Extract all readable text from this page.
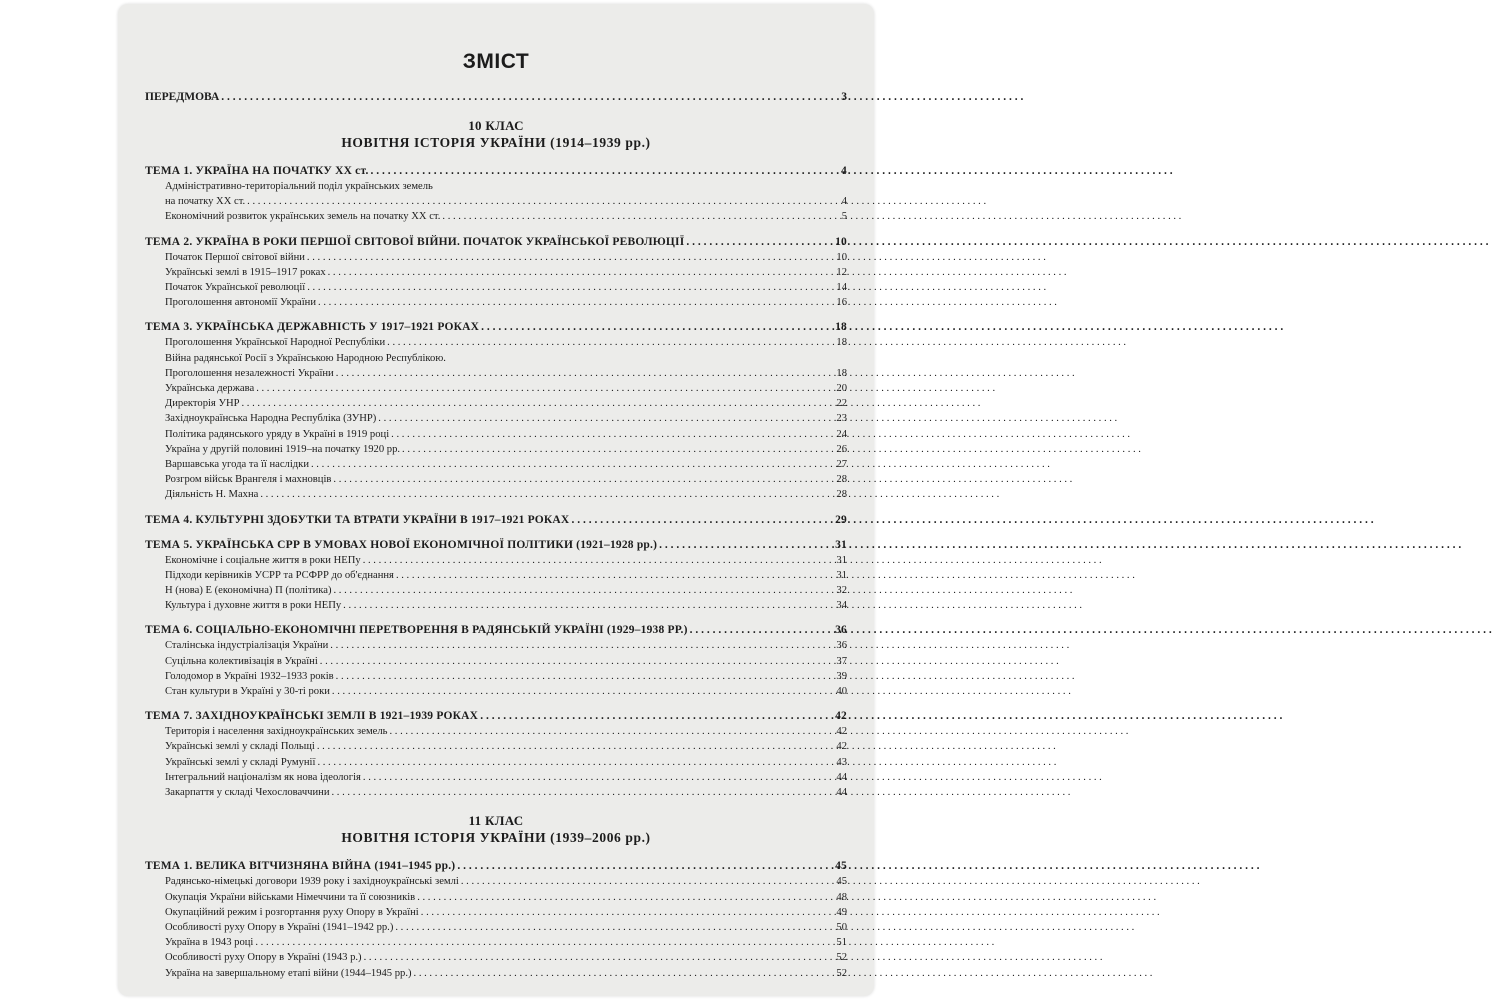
ЗМІСТ
ПЕРЕДМОВА . . .	3
10 КЛАС
НОВІТНЯ ІСТОРІЯ УКРАЇНИ (1914–1939 рр.)
ТЕМА 1. УКРАЇНА НА ПОЧАТКУ ХХ ст. . . .	4
Адміністративно-територіальний поділ українських земель
на початку ХХ ст. . . .	4
Економічний розвиток українських земель на початку ХХ ст. . . .	5
ТЕМА 2. УКРАЇНА В РОКИ ПЕРШОЇ СВІТОВОЇ ВІЙНИ. ПОЧАТОК УКРАЇНСЬКОЇ РЕВОЛЮЦІЇ . . .	10
Початок Першої світової війни . . .	10
Українські землі в 1915–1917 роках . . .	12
Початок Української революції . . .	14
Проголошення автономії України . . .	16
ТЕМА 3. УКРАЇНСЬКА ДЕРЖАВНІСТЬ У 1917–1921 РОКАХ . . .	18
Проголошення Української Народної Республіки . . .	18
Війна радянської Росії з Українською Народною Республікою.
Проголошення незалежності України . . .	18
Українська держава . . .	20
Директорія УНР . . .	22
Західноукраїнська Народна Республіка (ЗУНР) . . .	23
Політика радянського уряду в Україні в 1919 році . . .	24
Україна у другій половині 1919–на початку 1920 рр. . . .	26
Варшавська угода та її наслідки . . .	27
Розгром військ Врангеля і махновців . . .	28
Діяльність Н. Махна . . .	28
ТЕМА 4. КУЛЬТУРНІ ЗДОБУТКИ ТА ВТРАТИ УКРАЇНИ В 1917–1921 РОКАХ . . .	29
ТЕМА 5. УКРАЇНСЬКА СРР В УМОВАХ НОВОЇ ЕКОНОМІЧНОЇ ПОЛІТИКИ (1921–1928 рр.) . . .	31
Економічне і соціальне життя в роки НЕПу . . .	31
Підходи керівників УСРР та РСФРР до об'єднання . . .	31
Н (нова) Е (економічна) П (політика) . . .	32
Культура і духовне життя в роки НЕПу . . .	34
ТЕМА 6. СОЦІАЛЬНО-ЕКОНОМІЧНІ ПЕРЕТВОРЕННЯ В РАДЯНСЬКІЙ УКРАЇНІ (1929–1938 РР.) . . .	36
Сталінська індустріалізація України . . .	36
Суцільна колективізація в Україні . . .	37
Голодомор в Україні 1932–1933 років . . .	39
Стан культури в Україні у 30-ті роки . . .	40
ТЕМА 7. ЗАХІДНОУКРАЇНСЬКІ ЗЕМЛІ В 1921–1939 РОКАХ . . .	42
Територія і населення західноукраїнських земель . . .	42
Українські землі у складі Польщі . . .	42
Українські землі у складі Румунії . . .	43
Інтегральний націоналізм як нова ідеологія . . .	44
Закарпаття у складі Чехословаччини . . .	44
11 КЛАС
НОВІТНЯ ІСТОРІЯ УКРАЇНИ (1939–2006 рр.)
ТЕМА 1. ВЕЛИКА ВІТЧИЗНЯНА ВІЙНА (1941–1945 рр.) . . .	45
Радянсько-німецькі договори 1939 року і західноукраїнські землі . . .	45
Окупація України військами Німеччини та її союзників . . .	48
Окупаційний режим і розгортання руху Опору в Україні . . .	49
Особливості руху Опору в Україні (1941–1942 рр.) . . .	50
Україна в 1943 році . . .	51
Особливості руху Опору в Україні (1943 р.) . . .	52
Україна на завершальному етапі війни (1944–1945 рр.) . . .	52
